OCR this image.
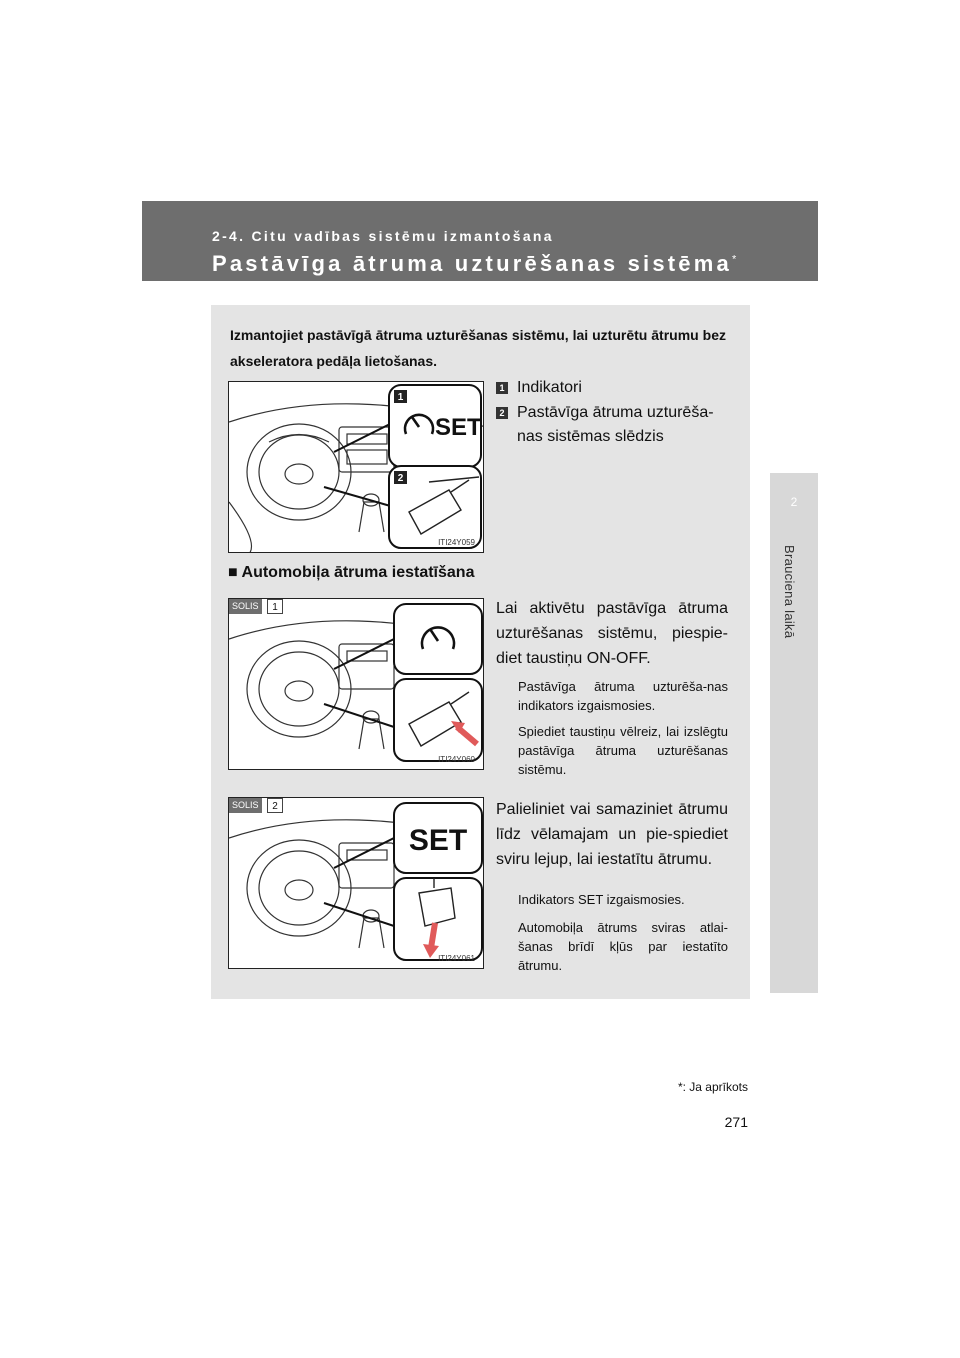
2-4. Citu vadības sistēmu izmantošana
Pastāvīga ātruma uzturēšanas sistēma*
2
Brauciena laikā
Izmantojiet pastāvīgā ātruma uzturēšanas sistēmu, lai uzturētu ātrumu bez akseleratora pedāļa lietošanas.
SET
1
2
ITI24Y059
1 Indikatori
2 Pastāvīga ātruma uzturēša-nas sistēmas slēdzis
■ Automobiļa ātruma iestatīšana
SOLIS	1
ITI24Y060
Lai aktivētu pastāvīga ātruma uzturēšanas sistēmu, piespie-diet taustiņu ON-OFF.
Pastāvīga ātruma uzturēša-nas indikators izgaismosies.
Spiediet taustiņu vēlreiz, lai izslēgtu pastāvīga ātruma uzturēšanas sistēmu.
SET
SOLIS	2
ITI24Y061
Palieliniet vai samaziniet ātrumu līdz vēlamajam un pie-spiediet sviru lejup, lai iestatītu ātrumu.
Indikators SET izgaismosies.
Automobiļa ātrums sviras atlai-šanas brīdī kļūs par iestatīto ātrumu.
*: Ja aprīkots
271
